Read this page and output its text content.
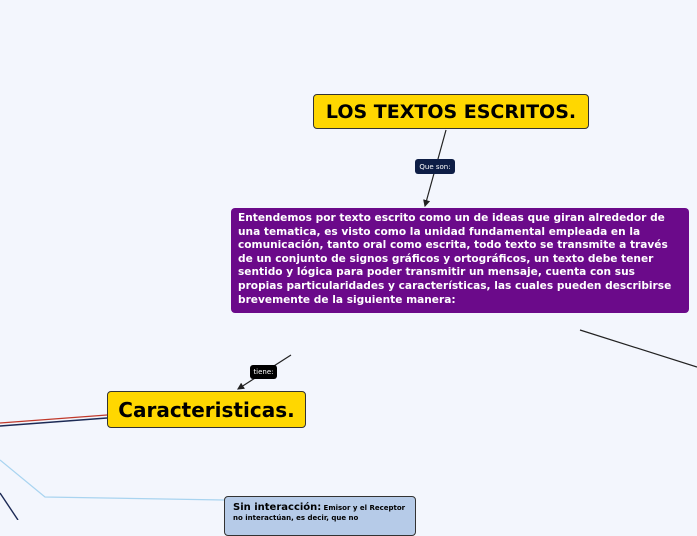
LOS TEXTOS ESCRITOS.
Que son:
Entendemos por texto escrito como un de ideas que giran alrededor de una tematica, es visto como la unidad fundamental empleada en la comunicación, tanto oral como escrita, todo texto se transmite a través de un conjunto de signos gráficos y ortográficos, un texto debe tener sentido y lógica para poder transmitir un mensaje, cuenta con sus propias particularidades y características, las cuales pueden describirse brevemente de la siguiente manera:
tiene:
Caracteristicas.
Sin interacción: Emisor y el Receptor no interactúan, es decir, que no
